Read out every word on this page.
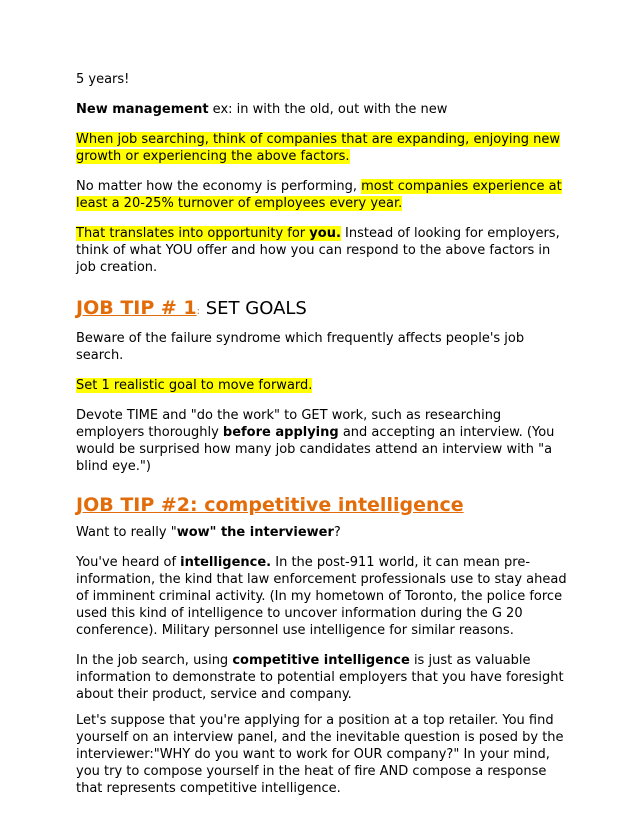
5 years!

New management ex: in with the old, out with the new

When job searching, think of companies that are expanding, enjoying new growth or experiencing the above factors.

No matter how the economy is performing, most companies experience at least a 20-25% turnover of employees every year.

That translates into opportunity for you. Instead of looking for employers, think of what YOU offer and how you can respond to the above factors in job creation.

JOB TIP # 1: SET GOALS

Beware of the failure syndrome which frequently affects people's job search.

Set 1 realistic goal to move forward.

Devote TIME and "do the work" to GET work, such as researching employers thoroughly before applying and accepting an interview. (You would be surprised how many job candidates attend an interview with "a blind eye.")

JOB TIP #2: competitive intelligence

Want to really "wow" the interviewer?

You've heard of intelligence. In the post-911 world, it can mean pre-information, the kind that law enforcement professionals use to stay ahead of imminent criminal activity. (In my hometown of Toronto, the police force used this kind of intelligence to uncover information during the G 20 conference). Military personnel use intelligence for similar reasons.

In the job search, using competitive intelligence is just as valuable information to demonstrate to potential employers that you have foresight about their product, service and company.

Let's suppose that you're applying for a position at a top retailer. You find yourself on an interview panel, and the inevitable question is posed by the interviewer:"WHY do you want to work for OUR company?" In your mind, you try to compose yourself in the heat of fire AND compose a response that represents competitive intelligence.
